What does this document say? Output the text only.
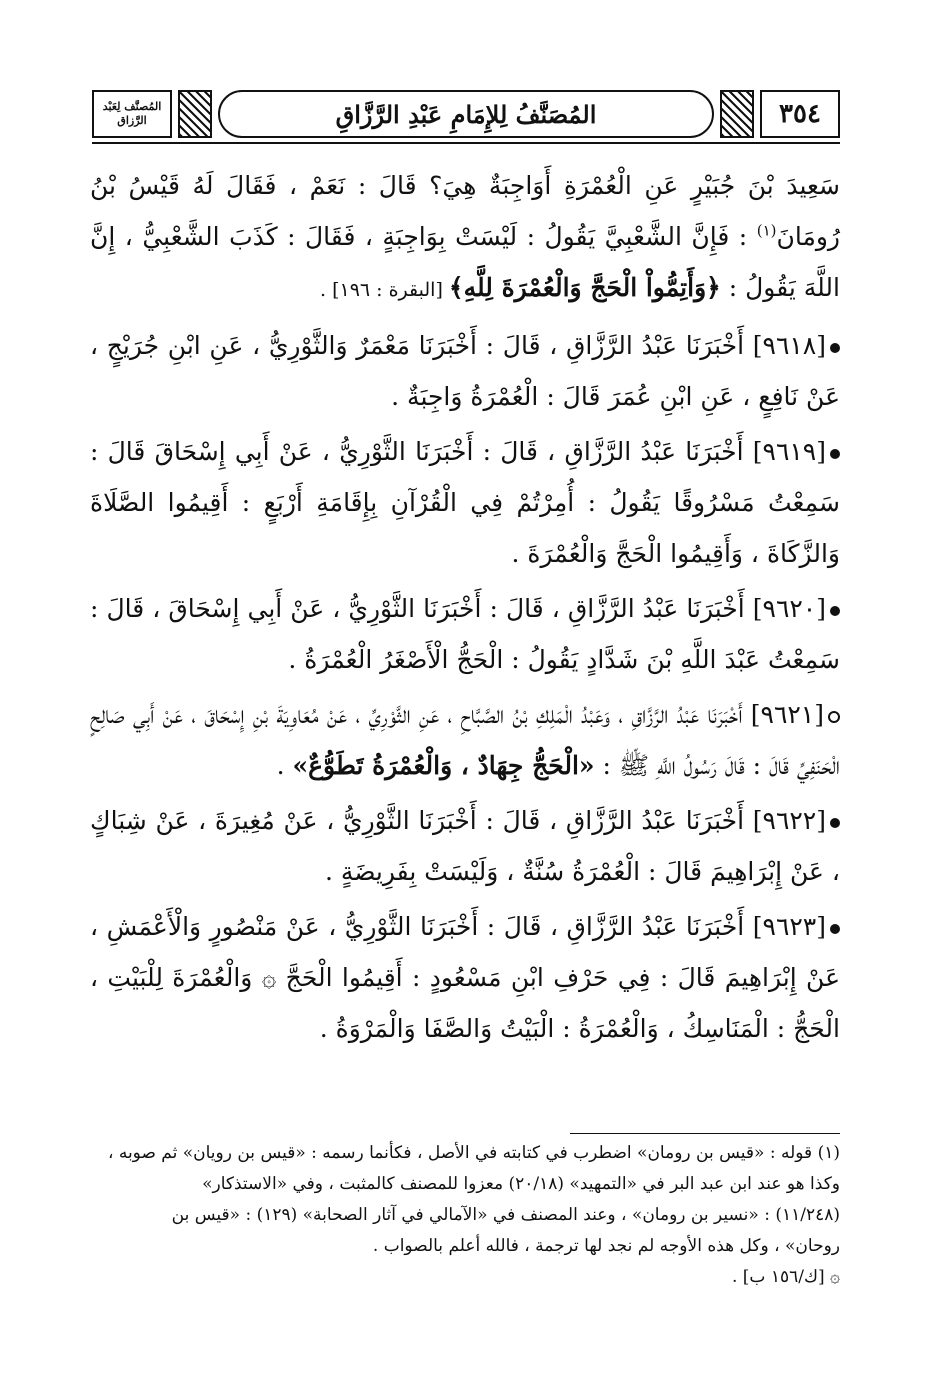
المُصنَّف لِعَبْد الرَّزاق	المُصَنَّفُ لِلإِمَامِ عَبْدِ الرَّزَّاقِ	٣٥٤

سَعِيدَ بْنَ جُبَيْرٍ عَنِ الْعُمْرَةِ أَوَاجِبَةٌ هِيَ؟ قَالَ : نَعَمْ ، فَقَالَ لَهُ قَيْسُ بْنُ رُومَانَ$^{(١)}$ : فَإِنَّ الشَّعْبِيَّ يَقُولُ : لَيْسَتْ بِوَاجِبَةٍ ، فَقَالَ : كَذَبَ الشَّعْبِيُّ ، إِنَّ اللَّهَ يَقُولُ : ﴿وَأَتِمُّواْ الْحَجَّ وَالْعُمْرَةَ لِلَّهِ﴾ [البقرة : ١٩٦] .

[٩٦١٨] أَخْبَرَنَا عَبْدُ الرَّزَّاقِ ، قَالَ : أَخْبَرَنَا مَعْمَرٌ وَالثَّوْرِيُّ ، عَنِ ابْنِ جُرَيْجٍ ، عَنْ نَافِعٍ ، عَنِ ابْنِ عُمَرَ قَالَ : الْعُمْرَةُ وَاجِبَةٌ .

[٩٦١٩] أَخْبَرَنَا عَبْدُ الرَّزَّاقِ ، قَالَ : أَخْبَرَنَا الثَّوْرِيُّ ، عَنْ أَبِي إِسْحَاقَ قَالَ : سَمِعْتُ مَسْرُوقًا يَقُولُ : أُمِرْتُمْ فِي الْقُرْآنِ بِإِقَامَةِ أَرْبَعٍ : أَقِيمُوا الصَّلَاةَ وَالزَّكَاةَ ، وَأَقِيمُوا الْحَجَّ وَالْعُمْرَةَ .

[٩٦٢٠] أَخْبَرَنَا عَبْدُ الرَّزَّاقِ ، قَالَ : أَخْبَرَنَا الثَّوْرِيُّ ، عَنْ أَبِي إِسْحَاقَ ، قَالَ : سَمِعْتُ عَبْدَ اللَّهِ بْنَ شَدَّادٍ يَقُولُ : الْحَجُّ الْأَصْغَرُ الْعُمْرَةُ .

[٩٦٢١] أَخْبَرَنَا عَبْدُ الرَّزَّاقِ ، وَعَبْدُ الْمَلِكِ بْنُ الصَّبَّاحِ ، عَنِ الثَّوْرِيِّ ، عَنْ مُعَاوِيَةَ بْنِ إِسْحَاقَ ، عَنْ أَبِي صَالِحٍ الْحَنَفِيِّ قَالَ : قَالَ رَسُولُ اللَّهِ ﷺ : «الْحَجُّ جِهَادٌ ، وَالْعُمْرَةُ تَطَوُّعٌ» .

[٩٦٢٢] أَخْبَرَنَا عَبْدُ الرَّزَّاقِ ، قَالَ : أَخْبَرَنَا الثَّوْرِيُّ ، عَنْ مُغِيرَةَ ، عَنْ شِبَاكٍ ، عَنْ إِبْرَاهِيمَ قَالَ : الْعُمْرَةُ سُنَّةٌ ، وَلَيْسَتْ بِفَرِيضَةٍ .

[٩٦٢٣] أَخْبَرَنَا عَبْدُ الرَّزَّاقِ ، قَالَ : أَخْبَرَنَا الثَّوْرِيُّ ، عَنْ مَنْصُورٍ وَالْأَعْمَشِ ، عَنْ إِبْرَاهِيمَ قَالَ : فِي حَرْفِ ابْنِ مَسْعُودٍ : أَقِيمُوا الْحَجَّ ۞ وَالْعُمْرَةَ لِلْبَيْتِ ، الْحَجُّ : الْمَنَاسِكُ ، وَالْعُمْرَةُ : الْبَيْتُ وَالصَّفَا وَالْمَرْوَةُ .

(١) قوله : «قيس بن رومان» اضطرب في كتابته في الأصل ، فكأنما رسمه : «قيس بن رويان» ثم صوبه ،

وكذا هو عند ابن عبد البر في «التمهيد» (٢٠/١٨) معزوا للمصنف كالمثبت ، وفي «الاستذكار»

(١١/٢٤٨) : «نسير بن رومان» ، وعند المصنف في «الآمالي في آثار الصحابة» (١٢٩) : «قيس بن

روحان» ، وكل هذه الأوجه لم نجد لها ترجمة ، فالله أعلم بالصواب .

۞ [ك/١٥٦ ب] .
